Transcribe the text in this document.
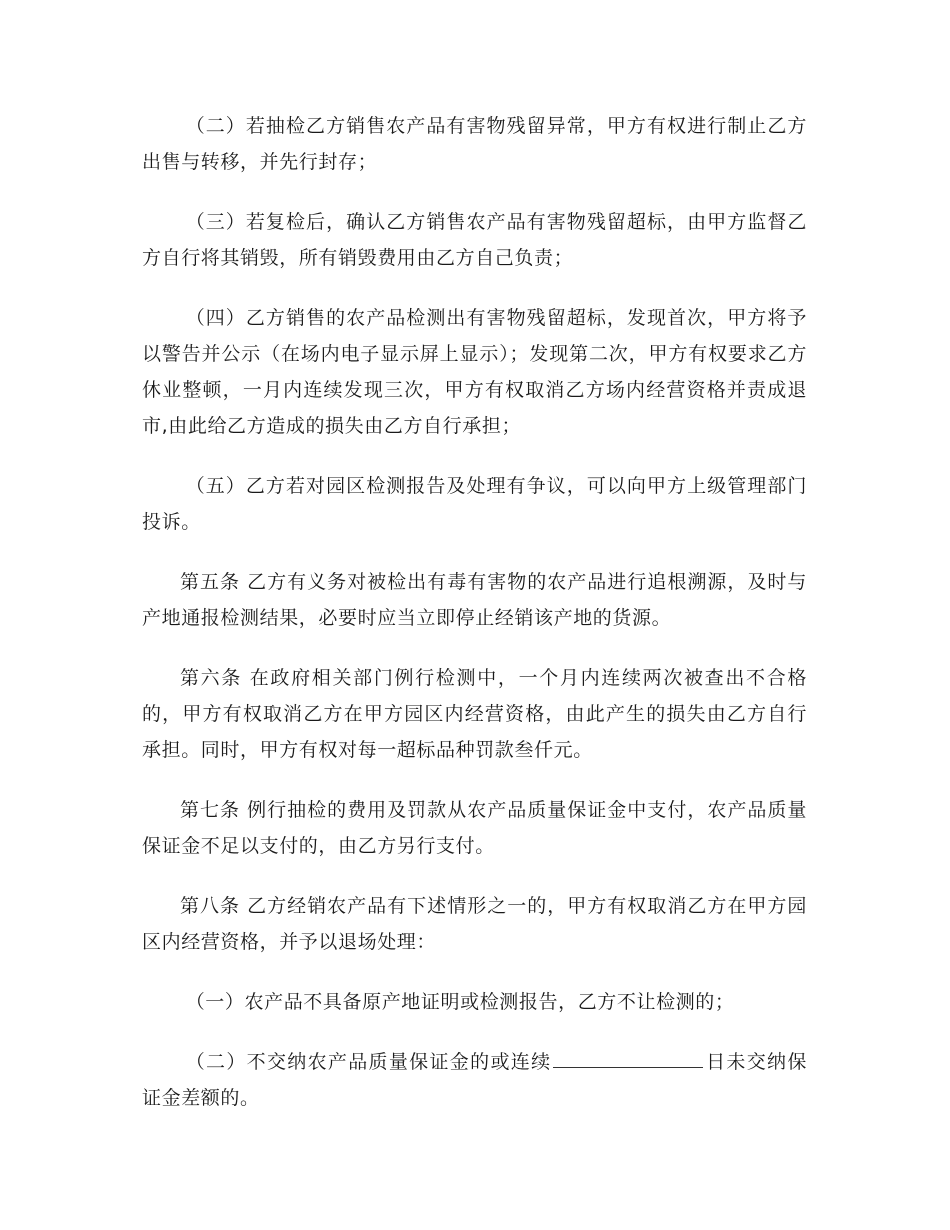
（二）若抽检乙方销售农产品有害物残留异常，甲方有权进行制止乙方出售与转移，并先行封存；

（三）若复检后，确认乙方销售农产品有害物残留超标，由甲方监督乙方自行将其销毁，所有销毁费用由乙方自己负责；

（四）乙方销售的农产品检测出有害物残留超标，发现首次，甲方将予以警告并公示（在场内电子显示屏上显示）；发现第二次，甲方有权要求乙方休业整顿，一月内连续发现三次，甲方有权取消乙方场内经营资格并责成退市,由此给乙方造成的损失由乙方自行承担；

（五）乙方若对园区检测报告及处理有争议，可以向甲方上级管理部门投诉。

第五条 乙方有义务对被检出有毒有害物的农产品进行追根溯源，及时与产地通报检测结果，必要时应当立即停止经销该产地的货源。

第六条 在政府相关部门例行检测中，一个月内连续两次被查出不合格的，甲方有权取消乙方在甲方园区内经营资格，由此产生的损失由乙方自行承担。同时，甲方有权对每一超标品种罚款叁仟元。

第七条 例行抽检的费用及罚款从农产品质量保证金中支付，农产品质量保证金不足以支付的，由乙方另行支付。

第八条 乙方经销农产品有下述情形之一的，甲方有权取消乙方在甲方园区内经营资格，并予以退场处理：

（一）农产品不具备原产地证明或检测报告，乙方不让检测的；

（二）不交纳农产品质量保证金的或连续	日未交纳保证金差额的。
